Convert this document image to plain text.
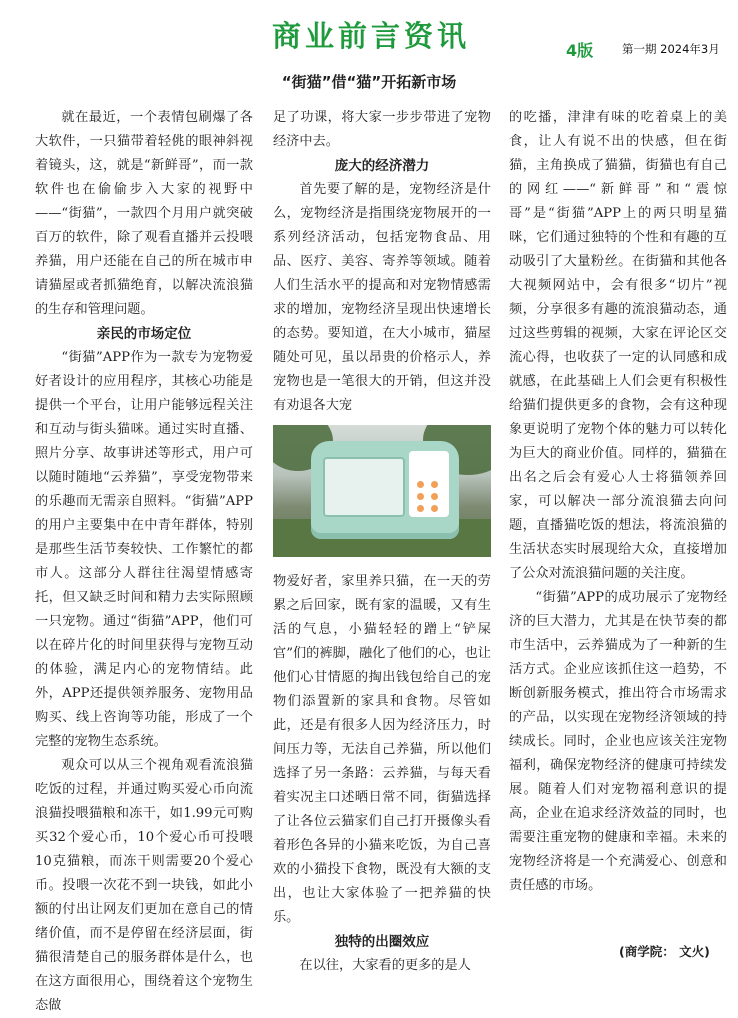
商业前言资讯	4版	第一期 2024年3月
“街猫”借“猫”开拓新市场

就在最近，一个表情包刷爆了各大软件，一只猫带着轻佻的眼神斜视着镜头，这，就是“新鲜哥”，而一款软件也在偷偷步入大家的视野中——“街猫”，一款四个月用户就突破百万的软件，除了观看直播并云投喂养猫，用户还能在自己的所在城市申请猫屋或者抓猫绝育，以解决流浪猫的生存和管理问题。

亲民的市场定位

“街猫”APP作为一款专为宠物爱好者设计的应用程序，其核心功能是提供一个平台，让用户能够远程关注和互动与街头猫咪。通过实时直播、照片分享、故事讲述等形式，用户可以随时随地“云养猫”，享受宠物带来的乐趣而无需亲自照料。“街猫”APP的用户主要集中在中青年群体，特别是那些生活节奏较快、工作繁忙的都市人。这部分人群往往渴望情感寄托，但又缺乏时间和精力去实际照顾一只宠物。通过“街猫”APP，他们可以在碎片化的时间里获得与宠物互动的体验，满足内心的宠物情结。此外，APP还提供领养服务、宠物用品购买、线上咨询等功能，形成了一个完整的宠物生态系统。

观众可以从三个视角观看流浪猫吃饭的过程，并通过购买爱心币向流浪猫投喂猫粮和冻干，如1.99元可购买32个爱心币，10个爱心币可投喂10克猫粮，而冻干则需要20个爱心币。投喂一次花不到一块钱，如此小额的付出让网友们更加在意自己的情绪价值，而不是停留在经济层面，街猫很清楚自己的服务群体是什么，也在这方面很用心，围绕着这个宠物生态做

足了功课，将大家一步步带进了宠物经济中去。

庞大的经济潜力

首先要了解的是，宠物经济是什么，宠物经济是指围绕宠物展开的一系列经济活动，包括宠物食品、用品、医疗、美容、寄养等领域。随着人们生活水平的提高和对宠物情感需求的增加，宠物经济呈现出快速增长的态势。要知道，在大小城市，猫屋随处可见，虽以昂贵的价格示人，养宠物也是一笔很大的开销，但这并没有劝退各大宠

物爱好者，家里养只猫，在一天的劳累之后回家，既有家的温暖，又有生活的气息，小猫轻轻的蹭上“铲屎官”们的裤脚，融化了他们的心，也让他们心甘情愿的掏出钱包给自己的宠物们添置新的家具和食物。尽管如此，还是有很多人因为经济压力，时间压力等，无法自己养猫，所以他们选择了另一条路：云养猫，与每天看着实况主口述晒日常不同，街猫选择了让各位云猫家们自己打开摄像头看着形色各异的小猫来吃饭，为自己喜欢的小猫投下食物，既没有大额的支出，也让大家体验了一把养猫的快乐。

独特的出圈效应

在以往，大家看的更多的是人

的吃播，津津有味的吃着桌上的美食，让人有说不出的快感，但在街猫，主角换成了猫猫，街猫也有自己的网红——“新鲜哥”和“震惊哥”是“街猫”APP上的两只明星猫咪，它们通过独特的个性和有趣的互动吸引了大量粉丝。在街猫和其他各大视频网站中，会有很多“切片”视频，分享很多有趣的流浪猫动态，通过这些剪辑的视频，大家在评论区交流心得，也收获了一定的认同感和成就感，在此基础上人们会更有积极性给猫们提供更多的食物，会有这种现象更说明了宠物个体的魅力可以转化为巨大的商业价值。同样的，猫猫在出名之后会有爱心人士将猫领养回家，可以解决一部分流浪猫去向问题，直播猫吃饭的想法，将流浪猫的生活状态实时展现给大众，直接增加了公众对流浪猫问题的关注度。

“街猫”APP的成功展示了宠物经济的巨大潜力，尤其是在快节奏的都市生活中，云养猫成为了一种新的生活方式。企业应该抓住这一趋势，不断创新服务模式，推出符合市场需求的产品，以实现在宠物经济领域的持续成长。同时，企业也应该关注宠物福利，确保宠物经济的健康可持续发展。随着人们对宠物福利意识的提高，企业在追求经济效益的同时，也需要注重宠物的健康和幸福。未来的宠物经济将是一个充满爱心、创意和责任感的市场。

(商学院： 文火)
